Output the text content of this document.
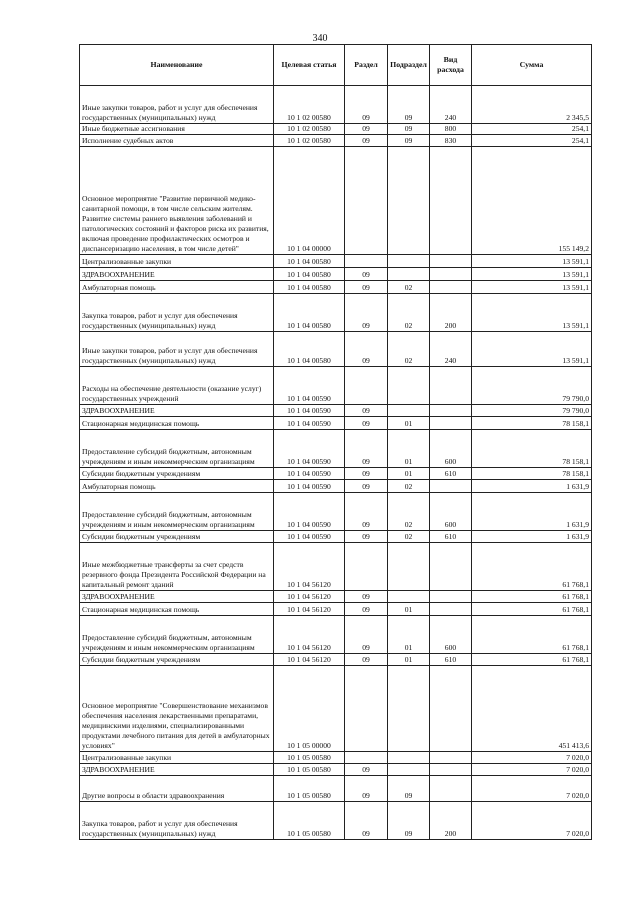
340
Наименование	Целевая статья	Раздел	Подраздел	Вид расхода	Сумма
Иные закупки товаров, работ и услуг для обеспечения государственных (муниципальных) нужд	10 1 02 00580	09	09	240	2 345,5
Иные бюджетные ассигнования	10 1 02 00580	09	09	800	254,1
Исполнение судебных актов	10 1 02 00580	09	09	830	254,1
Основное мероприятие "Развитие первичной медико-санитарной помощи, в том числе сельским жителям. Развитие системы раннего выявления заболеваний и патологических состояний и факторов риска их развития, включая проведение профилактических осмотров и диспансеризацию населения, в том числе детей"	10 1 04 00000				155 149,2
Централизованные закупки	10 1 04 00580				13 591,1
ЗДРАВООХРАНЕНИЕ	10 1 04 00580	09			13 591,1
Амбулаторная помощь	10 1 04 00580	09	02		13 591,1
Закупка товаров, работ и услуг для обеспечения государственных (муниципальных) нужд	10 1 04 00580	09	02	200	13 591,1
Иные закупки товаров, работ и услуг для обеспечения государственных (муниципальных) нужд	10 1 04 00580	09	02	240	13 591,1
Расходы на обеспечение деятельности (оказание услуг) государственных учреждений	10 1 04 00590				79 790,0
ЗДРАВООХРАНЕНИЕ	10 1 04 00590	09			79 790,0
Стационарная медицинская помощь	10 1 04 00590	09	01		78 158,1
Предоставление субсидий бюджетным, автономным учреждениям и иным некоммерческим организациям	10 1 04 00590	09	01	600	78 158,1
Субсидии бюджетным учреждениям	10 1 04 00590	09	01	610	78 158,1
Амбулаторная помощь	10 1 04 00590	09	02		1 631,9
Предоставление субсидий бюджетным, автономным учреждениям и иным некоммерческим организациям	10 1 04 00590	09	02	600	1 631,9
Субсидии бюджетным учреждениям	10 1 04 00590	09	02	610	1 631,9
Иные межбюджетные трансферты за счет средств резервного фонда Президента Российской Федерации на капитальный ремонт зданий	10 1 04 56120				61 768,1
ЗДРАВООХРАНЕНИЕ	10 1 04 56120	09			61 768,1
Стационарная медицинская помощь	10 1 04 56120	09	01		61 768,1
Предоставление субсидий бюджетным, автономным учреждениям и иным некоммерческим организациям	10 1 04 56120	09	01	600	61 768,1
Субсидии бюджетным учреждениям	10 1 04 56120	09	01	610	61 768,1
Основное мероприятие "Совершенствование механизмов обеспечения населения лекарственными препаратами, медицинскими изделиями, специализированными продуктами лечебного питания для детей в амбулаторных условиях"	10 1 05 00000				451 413,6
Централизованные закупки	10 1 05 00580				7 020,0
ЗДРАВООХРАНЕНИЕ	10 1 05 00580	09			7 020,0
Другие вопросы в области здравоохранения	10 1 05 00580	09	09		7 020,0
Закупка товаров, работ и услуг для обеспечения государственных (муниципальных) нужд	10 1 05 00580	09	09	200	7 020,0
